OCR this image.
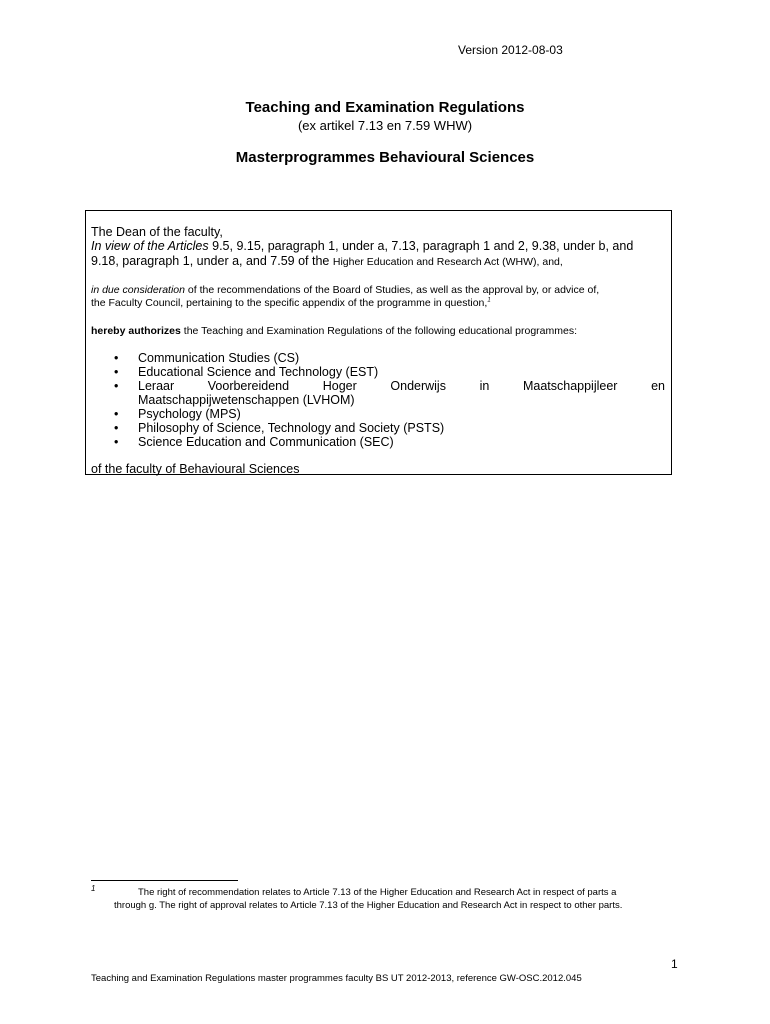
Version 2012-08-03
Teaching and Examination Regulations
(ex artikel 7.13 en 7.59 WHW)
Masterprogrammes Behavioural Sciences
The Dean of the faculty,
In view of the Articles 9.5, 9.15, paragraph 1, under a, 7.13, paragraph 1 and 2, 9.38, under b, and
9.18, paragraph 1, under a, and 7.59 of the Higher Education and Research Act (WHW), and,
in due consideration of the recommendations of the Board of Studies, as well as the approval by, or advice of,
the Faculty Council, pertaining to the specific appendix of the programme in question,$^1$
hereby authorizes the Teaching and Examination Regulations of the following educational programmes:
• Communication Studies (CS)
• Educational Science and Technology (EST)
• Leraar	Voorbereidend	Hoger	Onderwijs	in	Maatschappijleer	en
Maatschappijwetenschappen (LVHOM)
• Psychology (MPS)
• Philosophy of Science, Technology and Society (PSTS)
• Science Education and Communication (SEC)
of the faculty of Behavioural Sciences
1	The right of recommendation relates to Article 7.13 of the Higher Education and Research Act in respect of parts a
through g. The right of approval relates to Article 7.13 of the Higher Education and Research Act in respect to other parts.
1
Teaching and Examination Regulations master programmes faculty BS UT 2012-2013, reference GW-OSC.2012.045
